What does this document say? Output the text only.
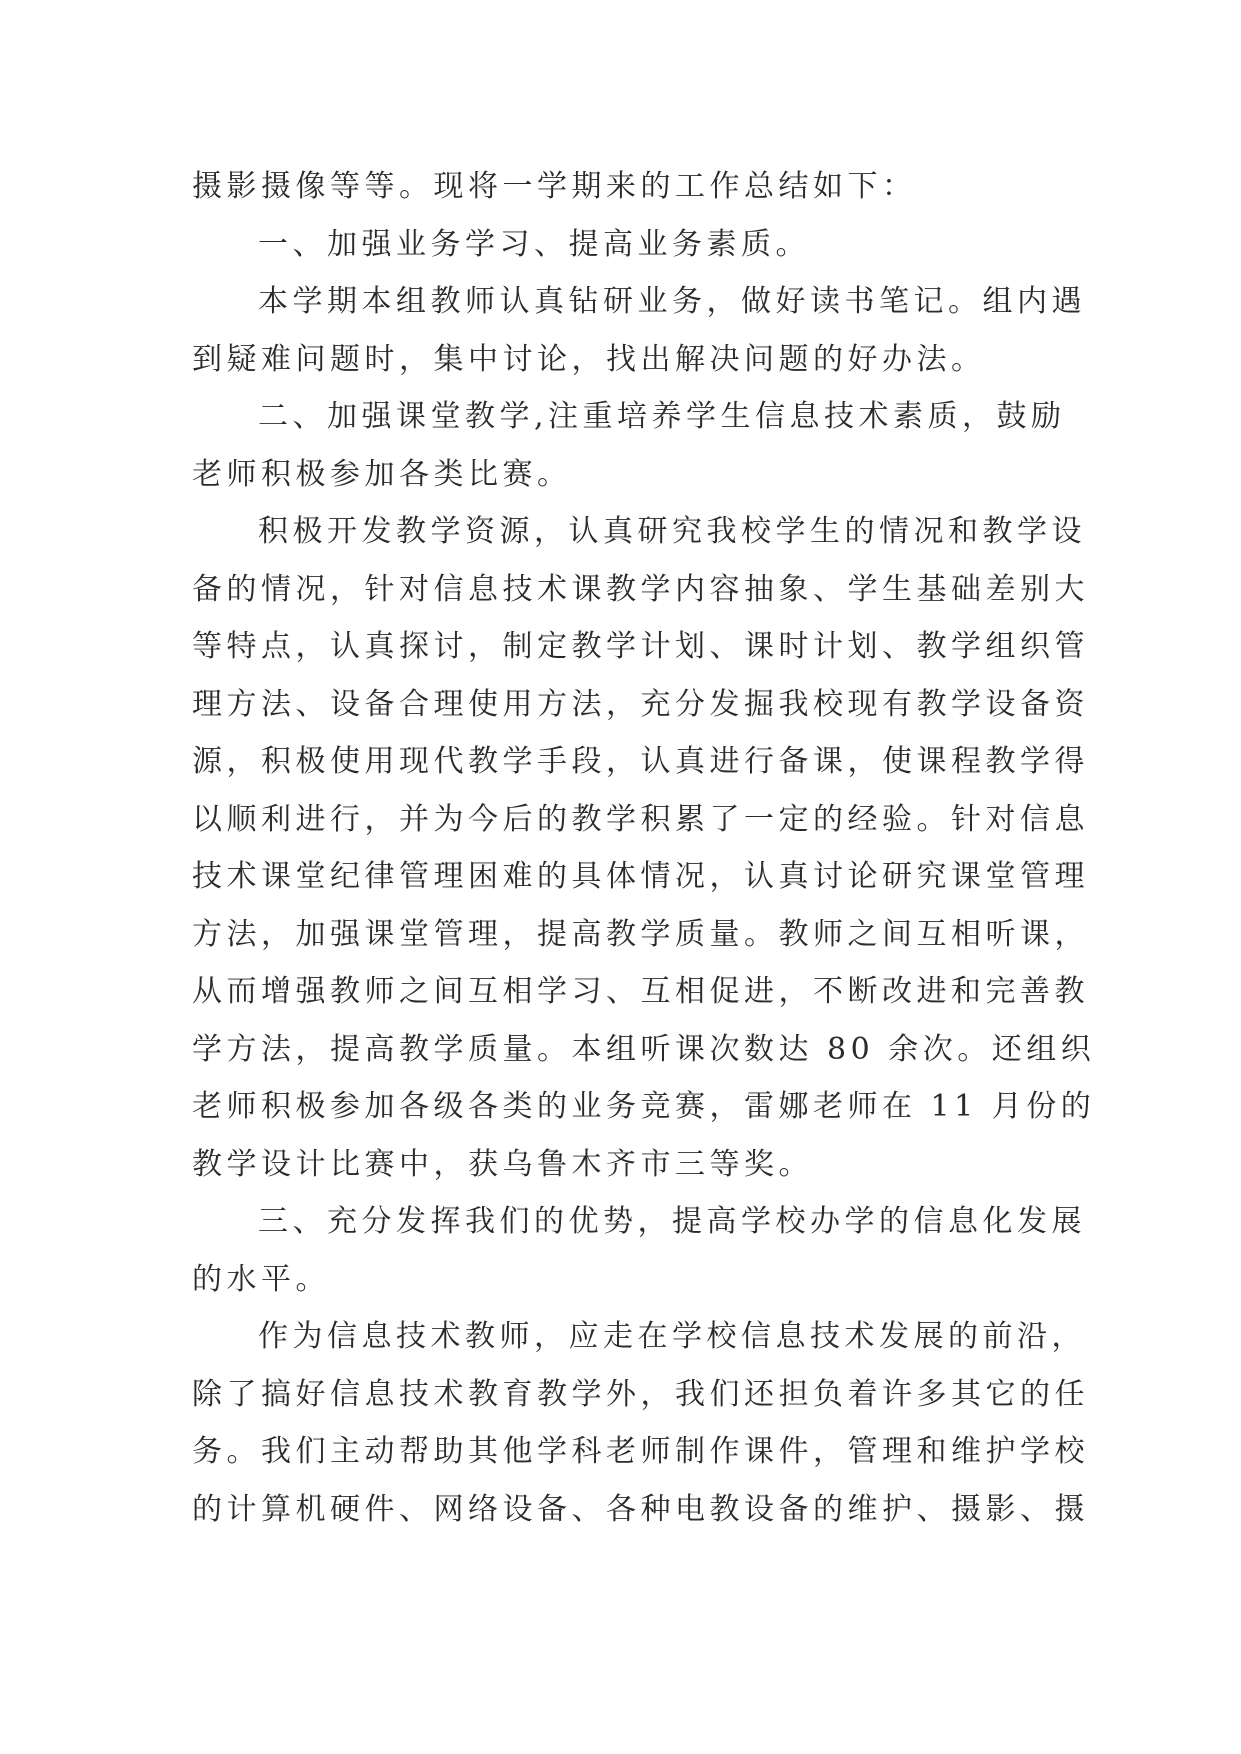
摄影摄像等等。现将一学期来的工作总结如下：
一、加强业务学习、提高业务素质。
本学期本组教师认真钻研业务，做好读书笔记。组内遇
到疑难问题时，集中讨论，找出解决问题的好办法。
二、加强课堂教学,注重培养学生信息技术素质，鼓励
老师积极参加各类比赛。
积极开发教学资源，认真研究我校学生的情况和教学设
备的情况，针对信息技术课教学内容抽象、学生基础差别大
等特点，认真探讨，制定教学计划、课时计划、教学组织管
理方法、设备合理使用方法，充分发掘我校现有教学设备资
源，积极使用现代教学手段，认真进行备课，使课程教学得
以顺利进行，并为今后的教学积累了一定的经验。针对信息
技术课堂纪律管理困难的具体情况，认真讨论研究课堂管理
方法，加强课堂管理，提高教学质量。教师之间互相听课，
从而增强教师之间互相学习、互相促进，不断改进和完善教
学方法，提高教学质量。本组听课次数达 80 余次。还组织
老师积极参加各级各类的业务竞赛，雷娜老师在 11 月份的
教学设计比赛中，获乌鲁木齐市三等奖。
三、充分发挥我们的优势，提高学校办学的信息化发展
的水平。
作为信息技术教师，应走在学校信息技术发展的前沿，
除了搞好信息技术教育教学外，我们还担负着许多其它的任
务。我们主动帮助其他学科老师制作课件，管理和维护学校
的计算机硬件、网络设备、各种电教设备的维护、摄影、摄
